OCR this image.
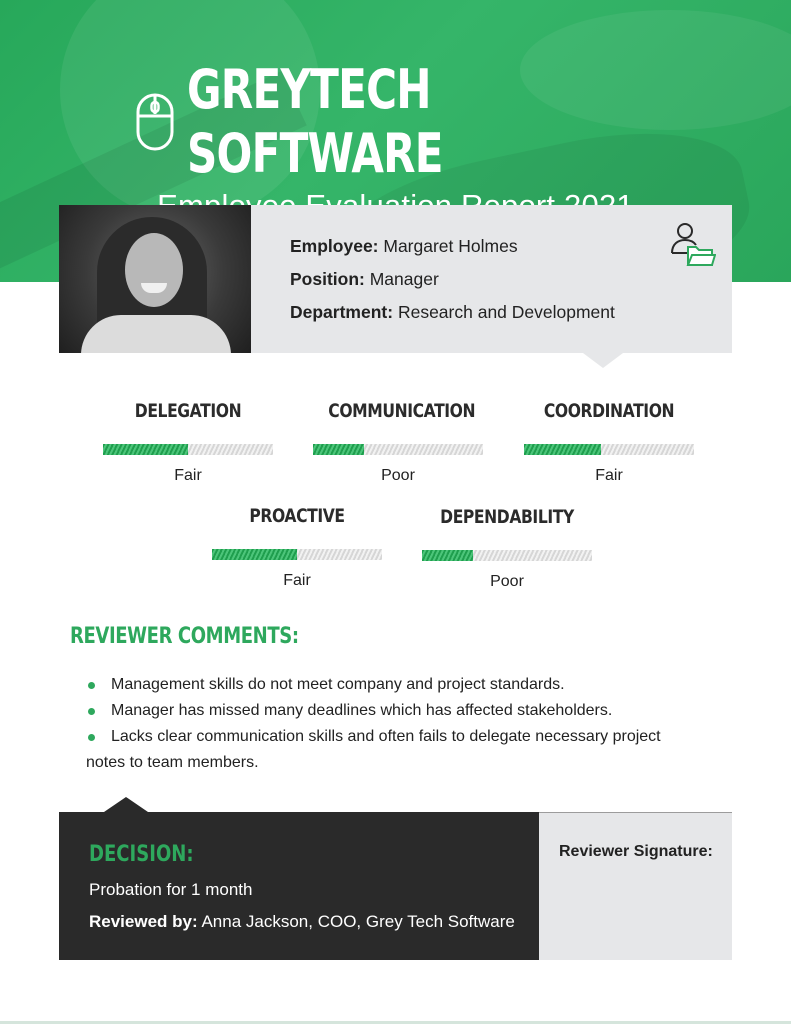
GREYTECH SOFTWARE
Employee: Margaret Holmes
Position: Manager
Department: Research and Development
DELEGATION
Fair
COMMUNICATION
Poor
COORDINATION
Fair
PROACTIVE
Fair
DEPENDABILITY
Poor
REVIEWER COMMENTS:
Management skills do not meet company and project standards.
Manager has missed many deadlines which has affected stakeholders.
Lacks clear communication skills and often fails to delegate necessary project
notes to team members.
DECISION:
Probation for 1 month
Reviewed by: Anna Jackson, COO, Grey Tech Software
Reviewer Signature:
